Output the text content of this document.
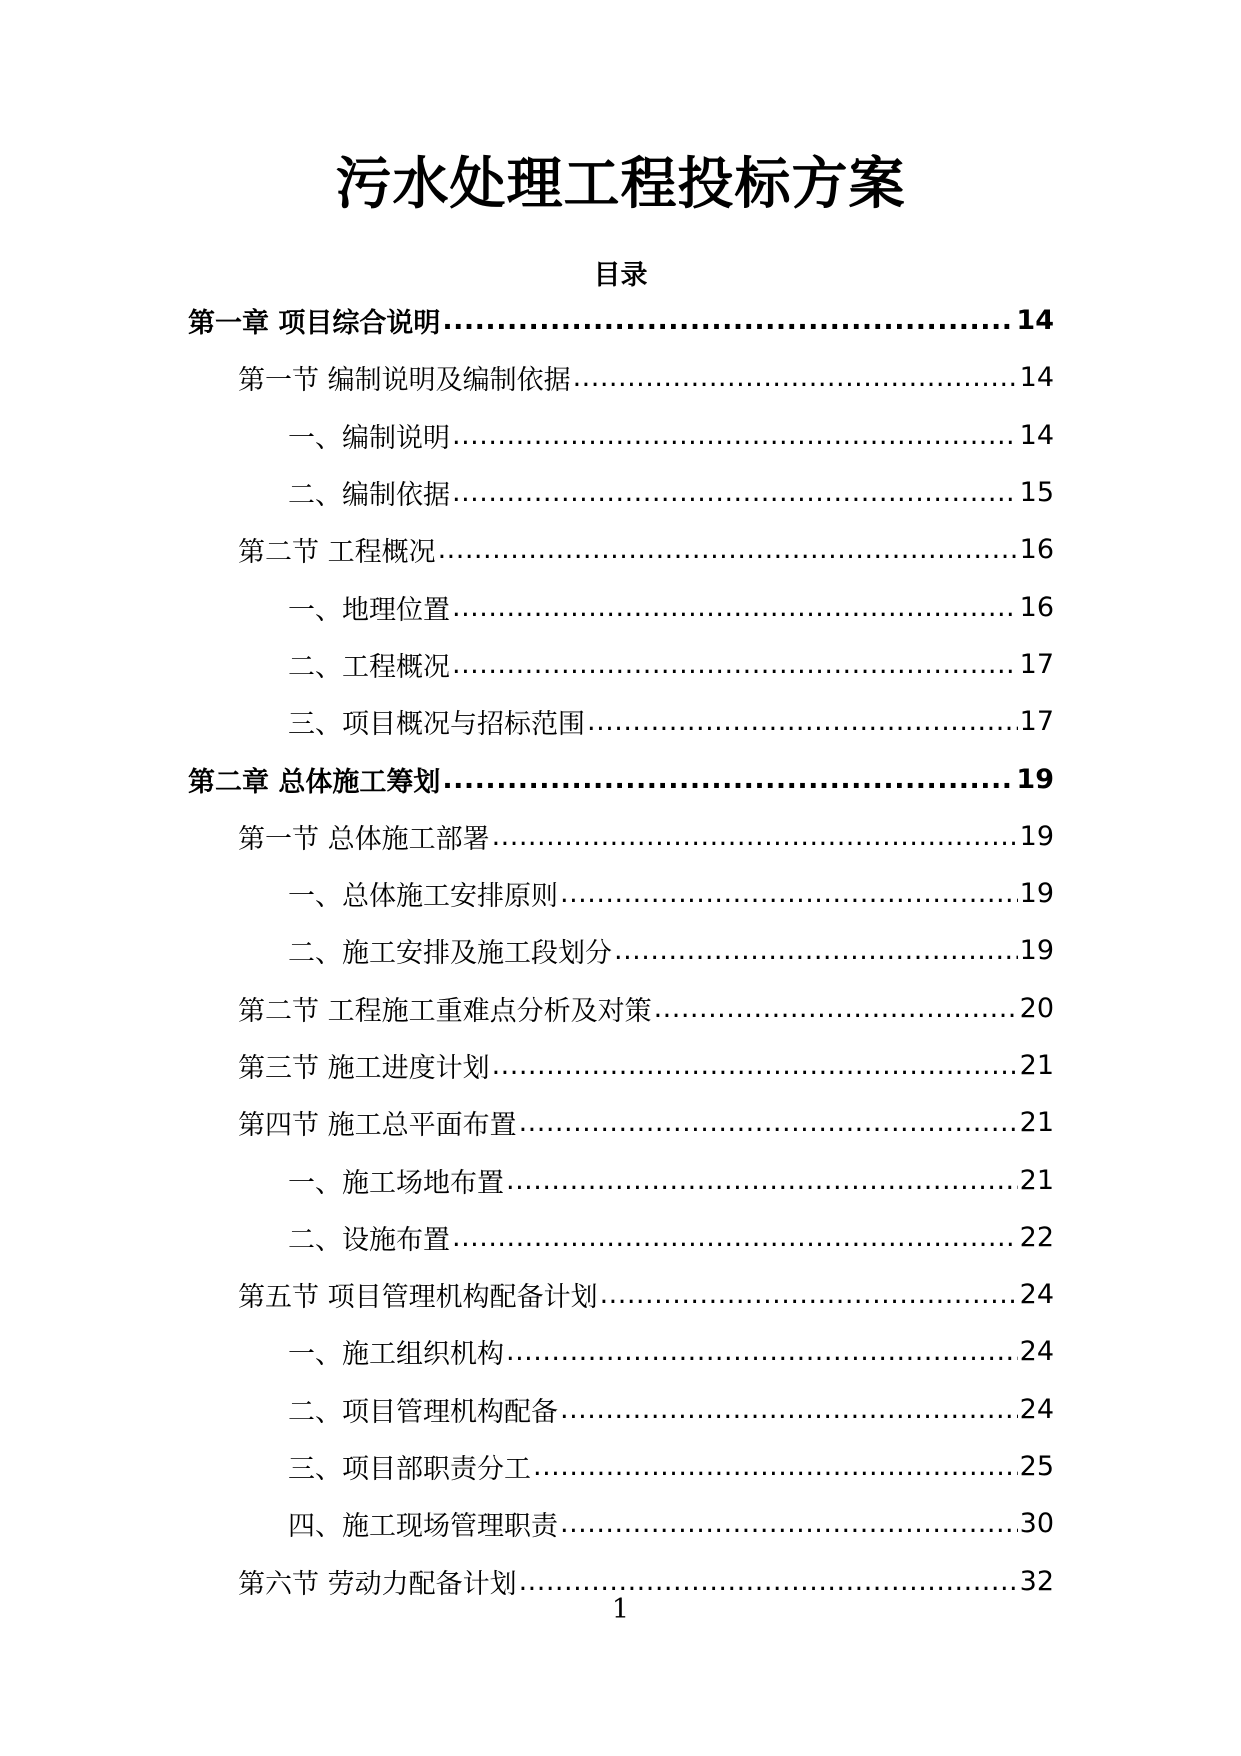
污水处理工程投标方案
目录
第一章 项目综合说明 .....	14
第一节 编制说明及编制依据 .....	14
一、编制说明 .....	14
二、编制依据 .....	15
第二节 工程概况 .....	16
一、地理位置 .....	16
二、工程概况 .....	17
三、项目概况与招标范围 .....	17
第二章 总体施工筹划 .....	19
第一节 总体施工部署 .....	19
一、总体施工安排原则 .....	19
二、施工安排及施工段划分 .....	19
第二节 工程施工重难点分析及对策 .....	20
第三节 施工进度计划 .....	21
第四节 施工总平面布置 .....	21
一、施工场地布置 .....	21
二、设施布置 .....	22
第五节 项目管理机构配备计划 .....	24
一、施工组织机构 .....	24
二、项目管理机构配备 .....	24
三、项目部职责分工 .....	25
四、施工现场管理职责 .....	30
第六节 劳动力配备计划 .....	32
1
